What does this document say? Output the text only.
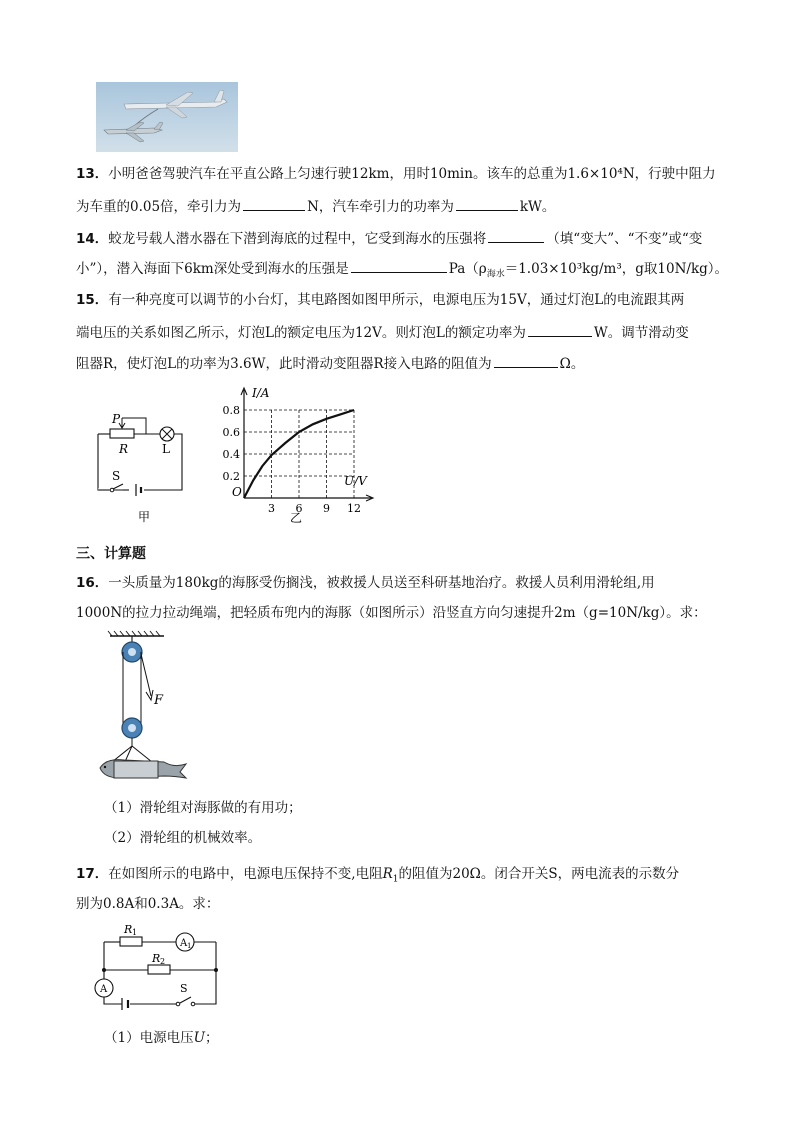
13．小明爸爸驾驶汽车在平直公路上匀速行驶12km，用时10min。该车的总重为1.6×10⁴N，行驶中阻力
为车重的0.05倍，牵引力为	N，汽车牵引力的功率为	kW。
14．蛟龙号载人潜水器在下潜到海底的过程中，它受到海水的压强将	（填“变大”、“不变”或“变
小”），潜入海面下6km深处受到海水的压强是	$Pa(\rho_{海水}=1.03\times 10^3kg/m^3$，g取10N/kg）。
15．有一种亮度可以调节的小台灯，其电路图如图甲所示，电源电压为15V，通过灯泡L的电流跟其两
端电压的关系如图乙所示，灯泡L的额定电压为12V。则灯泡L的额定功率为	W。调节滑动变
阻器R，使灯泡L的功率为3.6W，此时滑动变阻器R接入电路的阻值为	Ω。
P
R	L
S
甲
3 6 9 12
0.2
0.4
0.6
0.8
I/A
U/V
O
乙
三、计算题
16．一头质量为180kg的海豚受伤搁浅，被救援人员送至科研基地治疗。救援人员利用滑轮组,用
1000N的拉力拉动绳端，把轻质布兜内的海豚（如图所示）沿竖直方向匀速提升2m（g=10N/kg）。求：
F
（1）滑轮组对海豚做的有用功；
（2）滑轮组的机械效率。
17．在如图所示的电路中，电源电压保持不变,电阻$R_1$的阻值为20Ω。闭合开关S，两电流表的示数分
别为0.8A和0.3A。求：
R 1
R 2
A 1
A	S
（1）电源电压U；
